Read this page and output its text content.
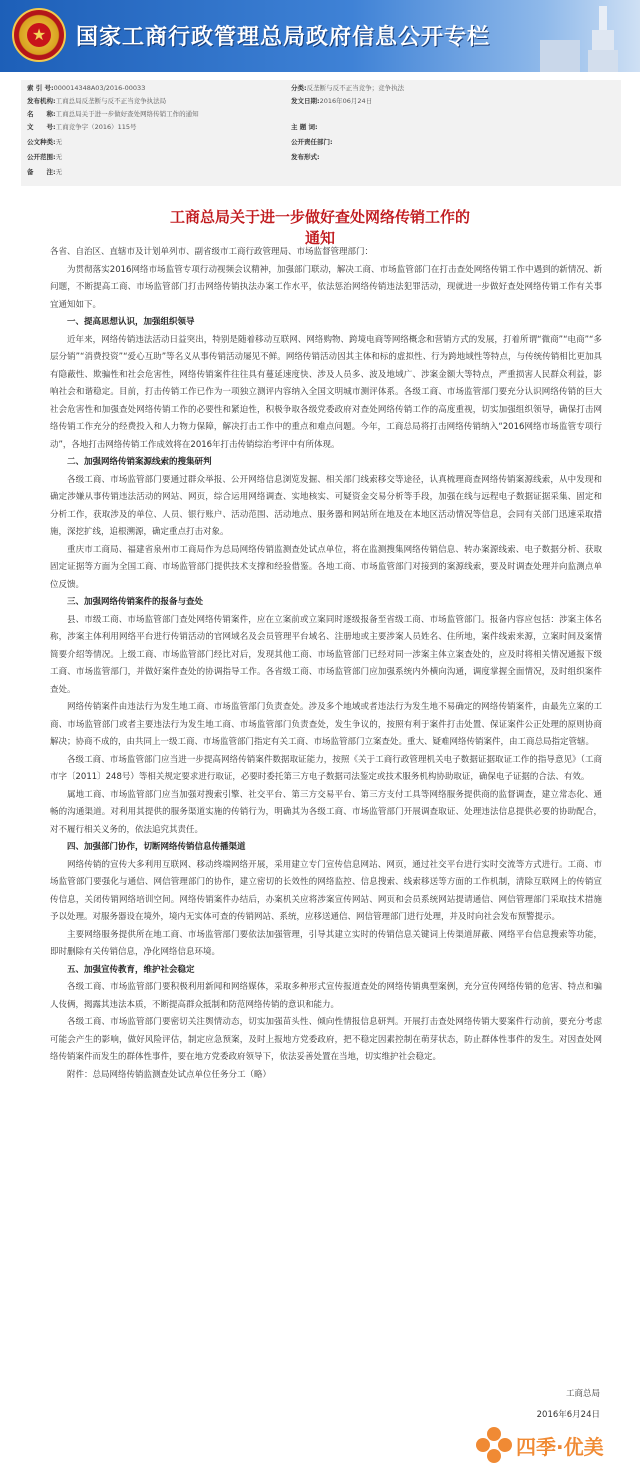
★ 国家工商行政管理总局政府信息公开专栏
索 引 号:000014348A03/2016-00033	分类:反垄断与反不正当竞争；竞争执法
发布机构:工商总局反垄断与反不正当竞争执法局	发文日期:2016年06月24日
名　　称:工商总局关于进一步做好查处网络传销工作的通知
文　　号:工商竞争字（2016）115号	主 题 词:
公文种类:无	公开责任部门:
公开范围:无	发布形式:
备　　注:无
工商总局关于进一步做好查处网络传销工作的
通知

各省、自治区、直辖市及计划单列市、副省级市工商行政管理局、市场监督管理部门：

为贯彻落实2016网络市场监管专项行动视频会议精神，加强部门联动，解决工商、市场监管部门在打击查处网络传销工作中遇到的新情况、新问题，不断提高工商、市场监管部门打击网络传销执法办案工作水平，依法惩治网络传销违法犯罪活动，现就进一步做好查处网络传销工作有关事宜通知如下。

一、提高思想认识，加强组织领导

近年来，网络传销违法活动日益突出，特别是随着移动互联网、网络购物、跨境电商等网络概念和营销方式的发展，打着所谓“微商”“电商”“多层分销”“消费投资”“爱心互助”等名义从事传销活动屡见不鲜。网络传销活动因其主体和标的虚拟性、行为跨地域性等特点，与传统传销相比更加具有隐蔽性、欺骗性和社会危害性，网络传销案件往往具有蔓延速度快、涉及人员多、波及地域广、涉案金额大等特点，严重损害人民群众利益，影响社会和谐稳定。目前，打击传销工作已作为一项独立测评内容纳入全国文明城市测评体系。各级工商、市场监管部门要充分认识网络传销的巨大社会危害性和加强查处网络传销工作的必要性和紧迫性，积极争取各级党委政府对查处网络传销工作的高度重视，切实加强组织领导，确保打击网络传销工作充分的经费投入和人力物力保障，解决打击工作中的重点和难点问题。今年，工商总局将打击网络传销纳入“2016网络市场监管专项行动”，各地打击网络传销工作成效将在2016年打击传销综治考评中有所体现。

二、加强网络传销案源线索的搜集研判

各级工商、市场监管部门要通过群众举报、公开网络信息浏览发掘、相关部门线索移交等途径，认真梳理商查网络传销案源线索，从中发现和确定涉嫌从事传销违法活动的网站、网页，综合运用网络调查、实地核实、可疑资金交易分析等手段，加强在线与远程电子数据证据采集、固定和分析工作，获取涉及的单位、人员、银行账户、活动范围、活动地点、服务器和网站所在地及在本地区活动情况等信息，会同有关部门迅速采取措施，深挖扩线，追根溯源，确定重点打击对象。

重庆市工商局、福建省泉州市工商局作为总局网络传销监测查处试点单位，将在监测搜集网络传销信息、转办案源线索、电子数据分析、获取固定证据等方面为全国工商、市场监管部门提供技术支撑和经验借鉴。各地工商、市场监管部门对接到的案源线索，要及时调查处理并向监测点单位反馈。

三、加强网络传销案件的报备与查处

县、市级工商、市场监管部门查处网络传销案件，应在立案前或立案同时逐级报备至省级工商、市场监管部门。报备内容应包括：涉案主体名称，涉案主体利用网络平台进行传销活动的官网域名及会员管理平台域名、注册地或主要涉案人员姓名、住所地，案件线索来源，立案时间及案情简要介绍等情况。上级工商、市场监管部门经比对后，发现其他工商、市场监管部门已经对同一涉案主体立案查处的，应及时将相关情况通报下级工商、市场监管部门，并做好案件查处的协调指导工作。各省级工商、市场监管部门应加强系统内外横向沟通，调度掌握全面情况，及时组织案件查处。

网络传销案件由违法行为发生地工商、市场监管部门负责查处。涉及多个地域或者违法行为发生地不易确定的网络传销案件，由最先立案的工商、市场监管部门或者主要违法行为发生地工商、市场监管部门负责查处，发生争议的，按照有利于案件打击处置、保证案件公正处理的原则协商解决；协商不成的，由共同上一级工商、市场监管部门指定有关工商、市场监管部门立案查处。重大、疑难网络传销案件，由工商总局指定管辖。

各级工商、市场监管部门应当进一步提高网络传销案件数据取证能力，按照《关于工商行政管理机关电子数据证据取证工作的指导意见》（工商市字〔2011〕248号）等相关规定要求进行取证，必要时委托第三方电子数据司法鉴定或技术服务机构协助取证，确保电子证据的合法、有效。

属地工商、市场监管部门应当加强对搜索引擎、社交平台、第三方交易平台、第三方支付工具等网络服务提供商的监督调查，建立常态化、通畅的沟通渠道。对利用其提供的服务渠道实施的传销行为，明确其为各级工商、市场监管部门开展调查取证、处理违法信息提供必要的协助配合，对不履行相关义务的，依法追究其责任。

四、加强部门协作，切断网络传销信息传播渠道

网络传销的宣传大多利用互联网、移动终端网络开展，采用建立专门宣传信息网站、网页，通过社交平台进行实时交流等方式进行。工商、市场监管部门要强化与通信、网信管理部门的协作，建立密切的长效性的网络监控、信息搜索、线索移送等方面的工作机制，清除互联网上的传销宣传信息，关闭传销网络培训空间。网络传销案件办结后，办案机关应将涉案宣传网站、网页和会员系统网站提请通信、网信管理部门采取技术措施予以处理。对服务器设在境外，境内无实体可查的传销网站、系统，应移送通信、网信管理部门进行处理，并及时向社会发布预警提示。

主要网络服务提供所在地工商、市场监管部门要依法加强管理，引导其建立实时的传销信息关键词上传渠道屏蔽、网络平台信息搜索等功能，即时删除有关传销信息，净化网络信息环境。

五、加强宣传教育，维护社会稳定

各级工商、市场监管部门要积极利用新闻和网络媒体，采取多种形式宣传报道查处的网络传销典型案例，充分宣传网络传销的危害、特点和骗人伎俩，揭露其违法本质，不断提高群众抵制和防范网络传销的意识和能力。

各级工商、市场监管部门要密切关注舆情动态，切实加强苗头性、倾向性情报信息研判。开展打击查处网络传销大要案件行动前，要充分考虑可能会产生的影响，做好风险评估，制定应急预案，及时上报地方党委政府，把不稳定因素控制在萌芽状态，防止群体性事件的发生。对因查处网络传销案件而发生的群体性事件，要在地方党委政府领导下，依法妥善处置在当地，切实维护社会稳定。

附件：总局网络传销监测查处试点单位任务分工（略）

工商总局
2016年6月24日
四季·优美
